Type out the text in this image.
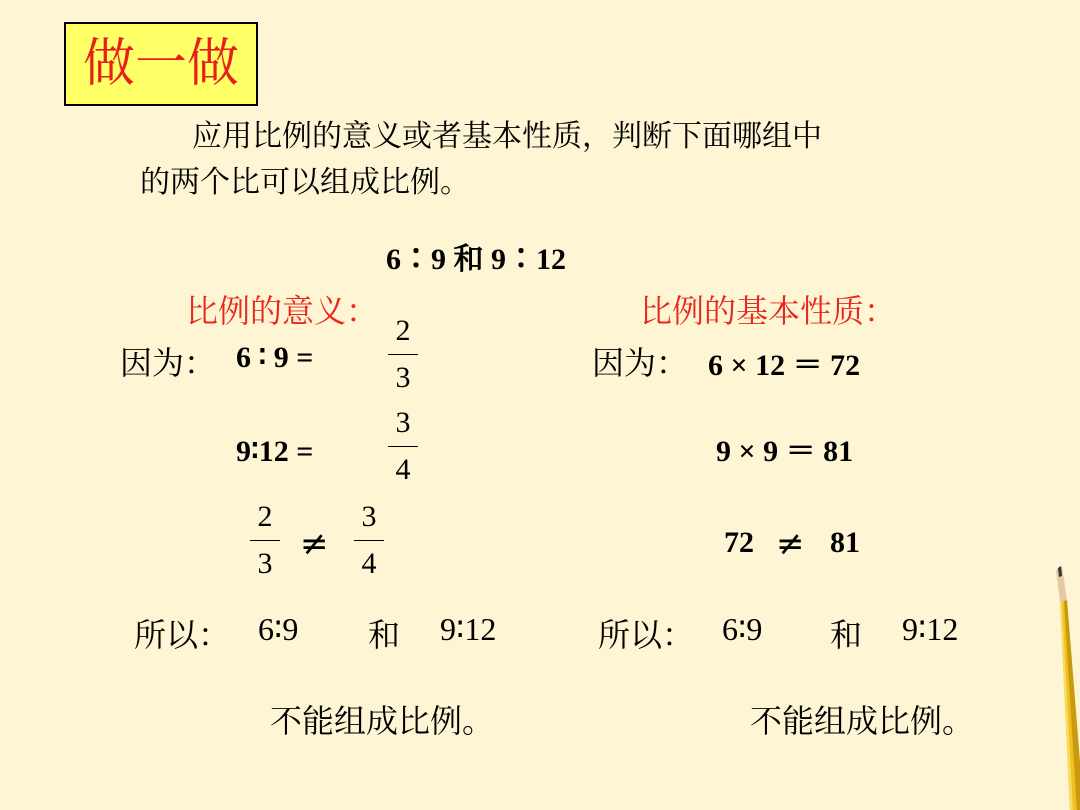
做一做
应用比例的意义或者基本性质，判断下面哪组中
的两个比可以组成比例。
6∶9 和 9∶12
比例的意义：
因为： 6 ∶ 9 =
2
3
9∶12 =
3
4
2
3 ≠
3
4
所以： 6∶9 和 9∶12
不能组成比例。
比例的基本性质：
因为： 6 × 12 ＝ 72
9 × 9 ＝ 81
72 ≠ 81
所以： 6∶9 和 9∶12
不能组成比例。
